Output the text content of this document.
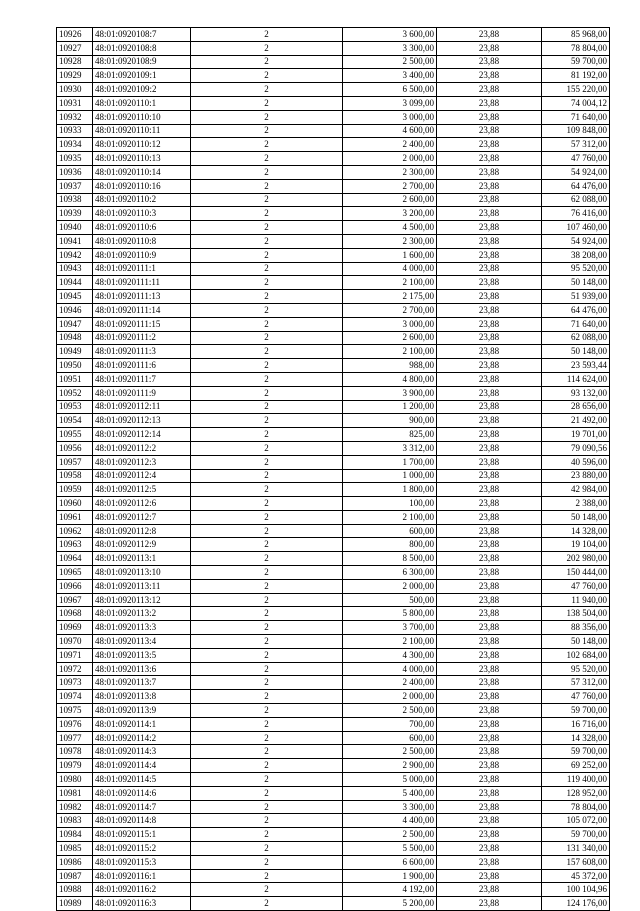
10926	48:01:0920108:7	2	3 600,00	23,88	85 968,00
10927	48:01:0920108:8	2	3 300,00	23,88	78 804,00
10928	48:01:0920108:9	2	2 500,00	23,88	59 700,00
10929	48:01:0920109:1	2	3 400,00	23,88	81 192,00
10930	48:01:0920109:2	2	6 500,00	23,88	155 220,00
10931	48:01:0920110:1	2	3 099,00	23,88	74 004,12
10932	48:01:0920110:10	2	3 000,00	23,88	71 640,00
10933	48:01:0920110:11	2	4 600,00	23,88	109 848,00
10934	48:01:0920110:12	2	2 400,00	23,88	57 312,00
10935	48:01:0920110:13	2	2 000,00	23,88	47 760,00
10936	48:01:0920110:14	2	2 300,00	23,88	54 924,00
10937	48:01:0920110:16	2	2 700,00	23,88	64 476,00
10938	48:01:0920110:2	2	2 600,00	23,88	62 088,00
10939	48:01:0920110:3	2	3 200,00	23,88	76 416,00
10940	48:01:0920110:6	2	4 500,00	23,88	107 460,00
10941	48:01:0920110:8	2	2 300,00	23,88	54 924,00
10942	48:01:0920110:9	2	1 600,00	23,88	38 208,00
10943	48:01:0920111:1	2	4 000,00	23,88	95 520,00
10944	48:01:0920111:11	2	2 100,00	23,88	50 148,00
10945	48:01:0920111:13	2	2 175,00	23,88	51 939,00
10946	48:01:0920111:14	2	2 700,00	23,88	64 476,00
10947	48:01:0920111:15	2	3 000,00	23,88	71 640,00
10948	48:01:0920111:2	2	2 600,00	23,88	62 088,00
10949	48:01:0920111:3	2	2 100,00	23,88	50 148,00
10950	48:01:0920111:6	2	988,00	23,88	23 593,44
10951	48:01:0920111:7	2	4 800,00	23,88	114 624,00
10952	48:01:0920111:9	2	3 900,00	23,88	93 132,00
10953	48:01:0920112:11	2	1 200,00	23,88	28 656,00
10954	48:01:0920112:13	2	900,00	23,88	21 492,00
10955	48:01:0920112:14	2	825,00	23,88	19 701,00
10956	48:01:0920112:2	2	3 312,00	23,88	79 090,56
10957	48:01:0920112:3	2	1 700,00	23,88	40 596,00
10958	48:01:0920112:4	2	1 000,00	23,88	23 880,00
10959	48:01:0920112:5	2	1 800,00	23,88	42 984,00
10960	48:01:0920112:6	2	100,00	23,88	2 388,00
10961	48:01:0920112:7	2	2 100,00	23,88	50 148,00
10962	48:01:0920112:8	2	600,00	23,88	14 328,00
10963	48:01:0920112:9	2	800,00	23,88	19 104,00
10964	48:01:0920113:1	2	8 500,00	23,88	202 980,00
10965	48:01:0920113:10	2	6 300,00	23,88	150 444,00
10966	48:01:0920113:11	2	2 000,00	23,88	47 760,00
10967	48:01:0920113:12	2	500,00	23,88	11 940,00
10968	48:01:0920113:2	2	5 800,00	23,88	138 504,00
10969	48:01:0920113:3	2	3 700,00	23,88	88 356,00
10970	48:01:0920113:4	2	2 100,00	23,88	50 148,00
10971	48:01:0920113:5	2	4 300,00	23,88	102 684,00
10972	48:01:0920113:6	2	4 000,00	23,88	95 520,00
10973	48:01:0920113:7	2	2 400,00	23,88	57 312,00
10974	48:01:0920113:8	2	2 000,00	23,88	47 760,00
10975	48:01:0920113:9	2	2 500,00	23,88	59 700,00
10976	48:01:0920114:1	2	700,00	23,88	16 716,00
10977	48:01:0920114:2	2	600,00	23,88	14 328,00
10978	48:01:0920114:3	2	2 500,00	23,88	59 700,00
10979	48:01:0920114:4	2	2 900,00	23,88	69 252,00
10980	48:01:0920114:5	2	5 000,00	23,88	119 400,00
10981	48:01:0920114:6	2	5 400,00	23,88	128 952,00
10982	48:01:0920114:7	2	3 300,00	23,88	78 804,00
10983	48:01:0920114:8	2	4 400,00	23,88	105 072,00
10984	48:01:0920115:1	2	2 500,00	23,88	59 700,00
10985	48:01:0920115:2	2	5 500,00	23,88	131 340,00
10986	48:01:0920115:3	2	6 600,00	23,88	157 608,00
10987	48:01:0920116:1	2	1 900,00	23,88	45 372,00
10988	48:01:0920116:2	2	4 192,00	23,88	100 104,96
10989	48:01:0920116:3	2	5 200,00	23,88	124 176,00
